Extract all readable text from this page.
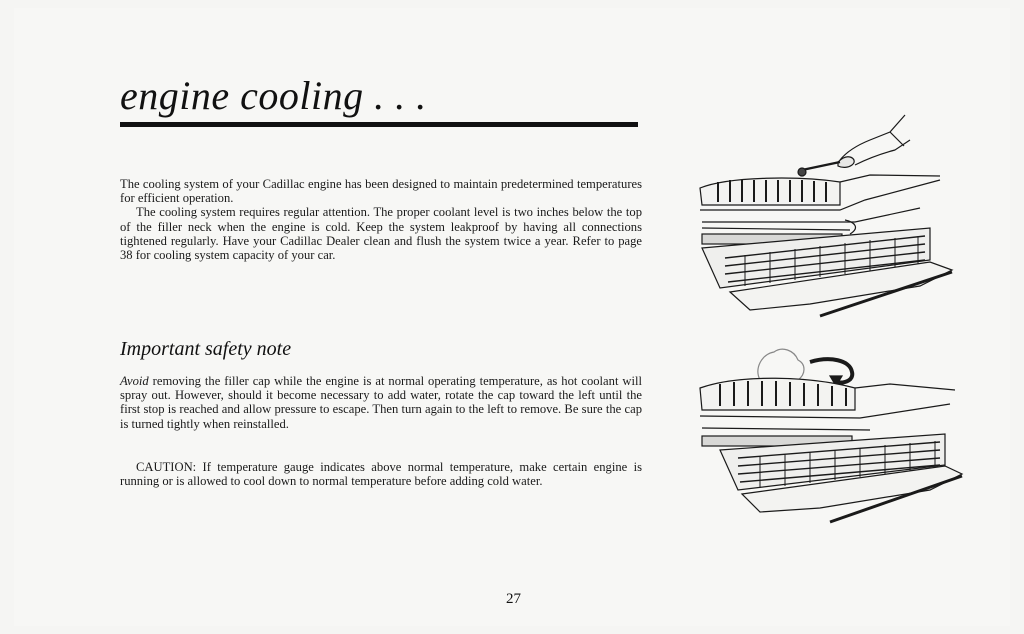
engine cooling . . .

The cooling system of your Cadillac engine has been designed to maintain predetermined temperatures for efficient operation.

The cooling system requires regular attention. The proper coolant level is two inches below the top of the filler neck when the engine is cold. Keep the system leakproof by having all connections tightened regularly. Have your Cadillac Dealer clean and flush the system twice a year. Refer to page 38 for cooling system capacity of your car.

Important safety note

Avoid removing the filler cap while the engine is at normal operating temperature, as hot coolant will spray out. However, should it become necessary to add water, rotate the cap toward the left until the first stop is reached and allow pressure to escape. Then turn again to the left to remove. Be sure the cap is turned tightly when reinstalled.

CAUTION: If temperature gauge indicates above normal temperature, make certain engine is running or is allowed to cool down to normal temperature before adding cold water.

27
